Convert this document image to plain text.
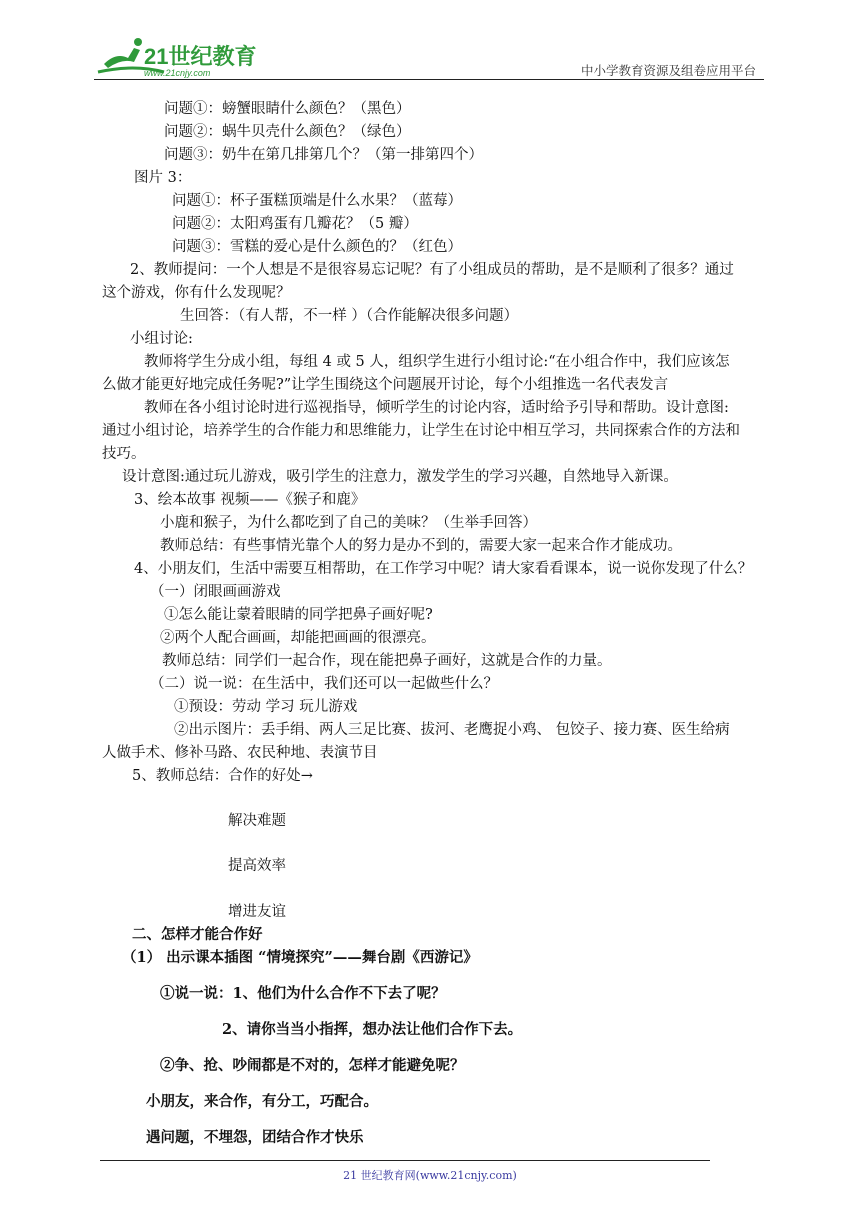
21世纪教育
www.21cnjy.com	中小学教育资源及组卷应用平台
问题①：螃蟹眼睛什么颜色？（黑色）
问题②：蜗牛贝壳什么颜色？（绿色）
问题③：奶牛在第几排第几个？（第一排第四个）
图片 3：
问题①：杯子蛋糕顶端是什么水果？（蓝莓）
问题②：太阳鸡蛋有几瓣花？（5 瓣）
问题③：雪糕的爱心是什么颜色的？（红色）
2、教师提问：一个人想是不是很容易忘记呢？有了小组成员的帮助，是不是顺利了很多？通过
这个游戏，你有什么发现呢？
生回答：（有人帮，不一样 ）（合作能解决很多问题）
小组讨论:
教师将学生分成小组，每组 4 或 5 人，组织学生进行小组讨论:“在小组合作中，我们应该怎
么做才能更好地完成任务呢?”让学生围绕这个问题展开讨论，每个小组推选一名代表发言
教师在各小组讨论时进行巡视指导，倾听学生的讨论内容，适时给予引导和帮助。设计意图:
通过小组讨论，培养学生的合作能力和思维能力，让学生在讨论中相互学习，共同探索合作的方法和
技巧。
设计意图:通过玩儿游戏，吸引学生的注意力，激发学生的学习兴趣，自然地导入新课。
3、绘本故事 视频——《猴子和鹿》
小鹿和猴子，为什么都吃到了自己的美味？（生举手回答）
教师总结：有些事情光靠个人的努力是办不到的，需要大家一起来合作才能成功。
4、小朋友们，生活中需要互相帮助，在工作学习中呢？请大家看看课本，说一说你发现了什么？
（一）闭眼画画游戏
①怎么能让蒙着眼睛的同学把鼻子画好呢?
②两个人配合画画，却能把画画的很漂亮。
教师总结：同学们一起合作，现在能把鼻子画好，这就是合作的力量。
（二）说一说：在生活中，我们还可以一起做些什么？
①预设：劳动 学习 玩儿游戏
②出示图片：丢手绢、两人三足比赛、拔河、老鹰捉小鸡、 包饺子、接力赛、医生给病
人做手术、修补马路、农民种地、表演节目
5、教师总结：合作的好处→
解决难题
提高效率
增进友谊
二、怎样才能合作好
（1） 出示课本插图 “情境探究”——舞台剧《西游记》
①说一说：1、他们为什么合作不下去了呢？
2、请你当当小指挥，想办法让他们合作下去。
②争、抢、吵闹都是不对的，怎样才能避免呢？
小朋友，来合作，有分工，巧配合。
遇问题，不埋怨，团结合作才快乐
21 世纪教育网(www.21cnjy.com)
